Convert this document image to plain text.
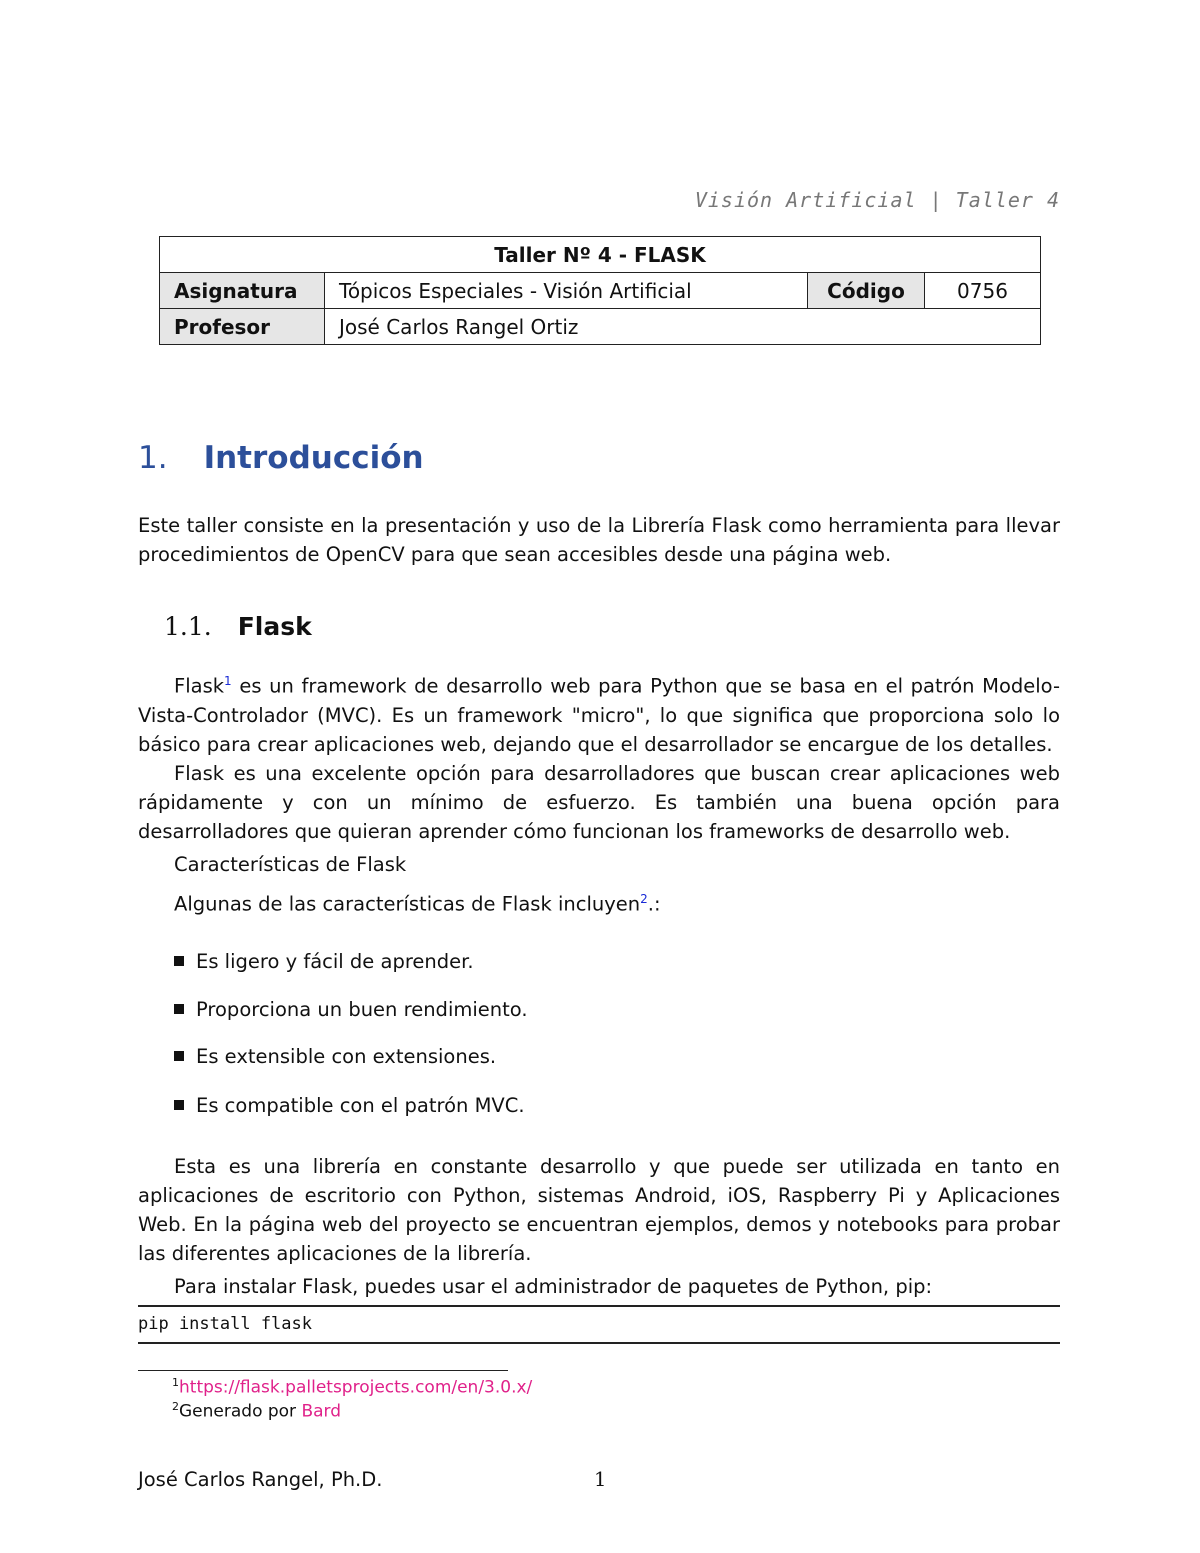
Visión Artificial | Taller 4
Taller Nº 4 - FLASK			
Asignatura	Tópicos Especiales - Visión Artificial	Código	0756
Profesor	José Carlos Rangel Ortiz		
1. Introducción
Este taller consiste en la presentación y uso de la Librería Flask como herramienta para llevar procedimientos de OpenCV para que sean accesibles desde una página web.
1.1. Flask
Flask$^1$ es un framework de desarrollo web para Python que se basa en el patrón Modelo-Vista-Controlador (MVC). Es un framework "micro", lo que significa que proporciona solo lo básico para crear aplicaciones web, dejando que el desarrollador se encargue de los detalles.
Flask es una excelente opción para desarrolladores que buscan crear aplicaciones web rápidamente y con un mínimo de esfuerzo. Es también una buena opción para desarrolladores que quieran aprender cómo funcionan los frameworks de desarrollo web.
Características de Flask
Algunas de las características de Flask incluyen$^2$.:
Es ligero y fácil de aprender.
Proporciona un buen rendimiento.
Es extensible con extensiones.
Es compatible con el patrón MVC.
Esta es una librería en constante desarrollo y que puede ser utilizada en tanto en aplicaciones de escritorio con Python, sistemas Android, iOS, Raspberry Pi y Aplicaciones Web. En la página web del proyecto se encuentran ejemplos, demos y notebooks para probar las diferentes aplicaciones de la librería.
Para instalar Flask, puedes usar el administrador de paquetes de Python, pip:
pip install flask
$^1$https://flask.palletsprojects.com/en/3.0.x/
$^2$Generado por Bard
José Carlos Rangel, Ph.D.	1
